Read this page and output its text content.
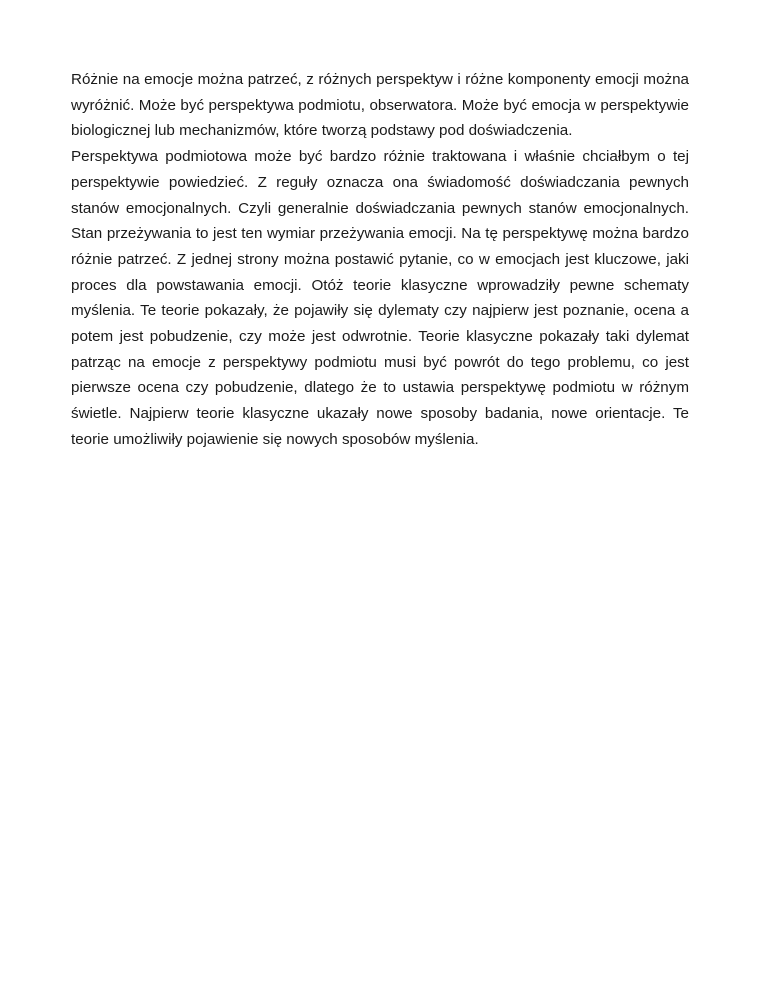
Różnie na emocje można patrzeć, z różnych perspektyw i różne komponenty emocji można wyróżnić. Może być perspektywa podmiotu, obserwatora. Może być emocja w perspektywie biologicznej lub mechanizmów, które tworzą podstawy pod doświadczenia.

Perspektywa podmiotowa może być bardzo różnie traktowana i właśnie chciałbym o tej perspektywie powiedzieć. Z reguły oznacza ona świadomość doświadczania pewnych stanów emocjonalnych. Czyli generalnie doświadczania pewnych stanów emocjonalnych. Stan przeżywania to jest ten wymiar przeżywania emocji. Na tę perspektywę można bardzo różnie patrzeć. Z jednej strony można postawić pytanie, co w emocjach jest kluczowe, jaki proces dla powstawania emocji. Otóż teorie klasyczne wprowadziły pewne schematy myślenia. Te teorie pokazały, że pojawiły się dylematy czy najpierw jest poznanie, ocena a potem jest pobudzenie, czy może jest odwrotnie. Teorie klasyczne pokazały taki dylemat patrząc na emocje z perspektywy podmiotu musi być powrót do tego problemu, co jest pierwsze ocena czy pobudzenie, dlatego że to ustawia perspektywę podmiotu w różnym świetle. Najpierw teorie klasyczne ukazały nowe sposoby badania, nowe orientacje. Te teorie umożliwiły pojawienie się nowych sposobów myślenia.
